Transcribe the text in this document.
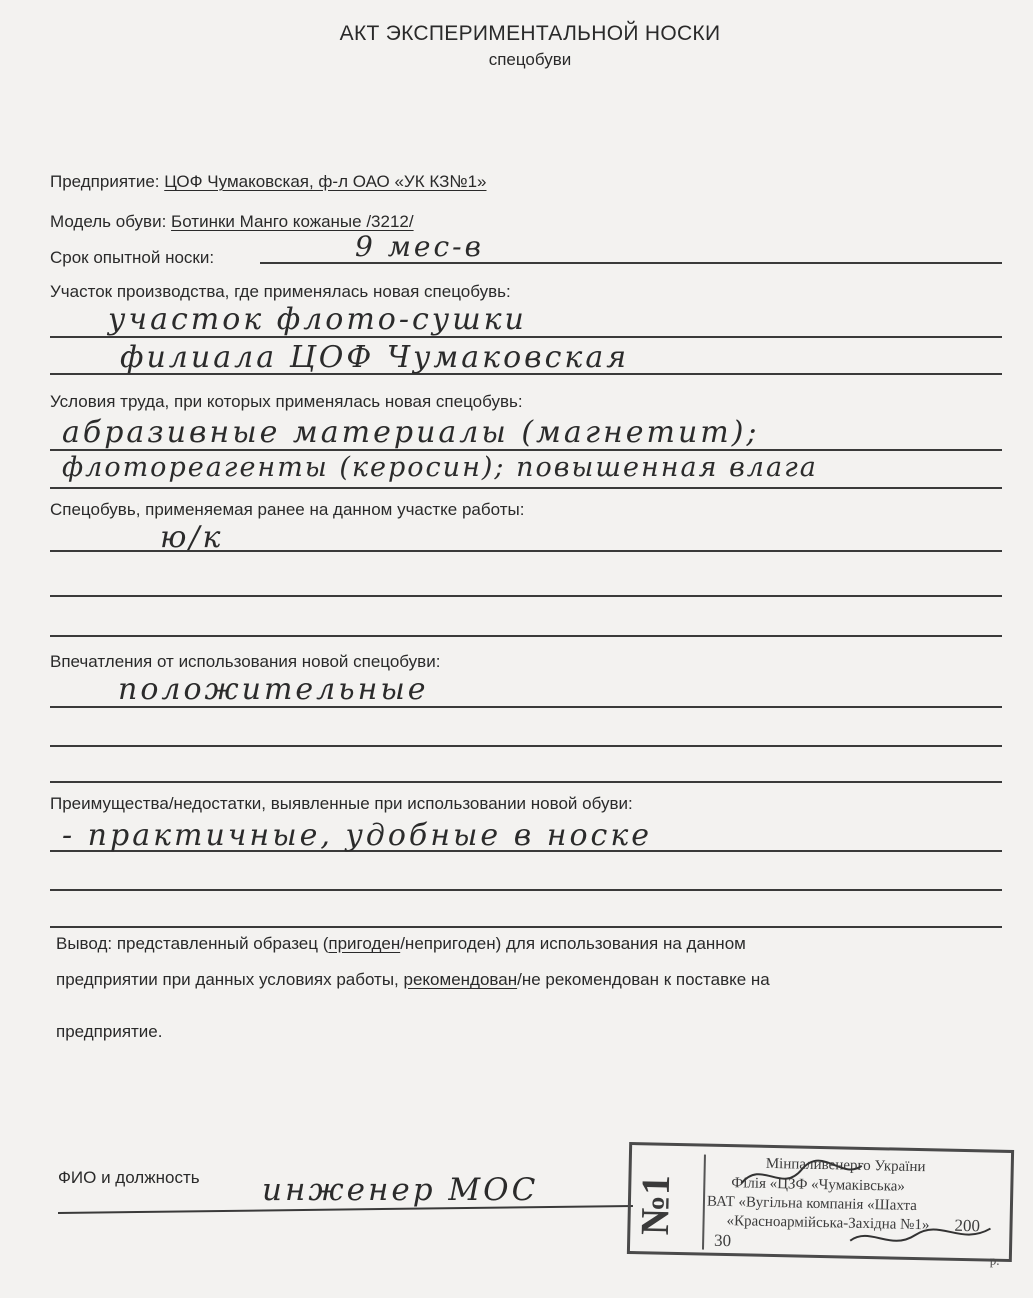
АКТ ЭКСПЕРИМЕНТАЛЬНОЙ НОСКИ
спецобуви
Предприятие: ЦОФ Чумаковская, ф-л ОАО «УК КЗ№1»
Модель обуви: Ботинки Манго кожаные /3212/
Срок опытной носки:	9 мес-в
Участок производства, где применялась новая спецобувь:
участок флото-сушки
филиала ЦОФ Чумаковская
Условия труда, при которых применялась новая спецобувь:
абразивные материалы (магнетит);
флотореагенты (керосин); повышенная влага
Спецобувь, применяемая ранее на данном участке работы:
ю/к
Впечатления от использования новой спецобуви:
положительные
Преимущества/недостатки, выявленные при использовании новой обуви:
- практичные, удобные в носке
Вывод: представленный образец (пригоден/непригоден) для использования на данном
предприятии при данных условиях работы, рекомендован/не рекомендован к поставке на
предприятие.
ФИО и должность инженер МОС №1
Мінпаливенерго України
Філія «ЦЗФ «Чумаківська»
ВАТ «Вугільна компанія «Шахта
«Красноармійська-Західна №1»
30
200
р.
